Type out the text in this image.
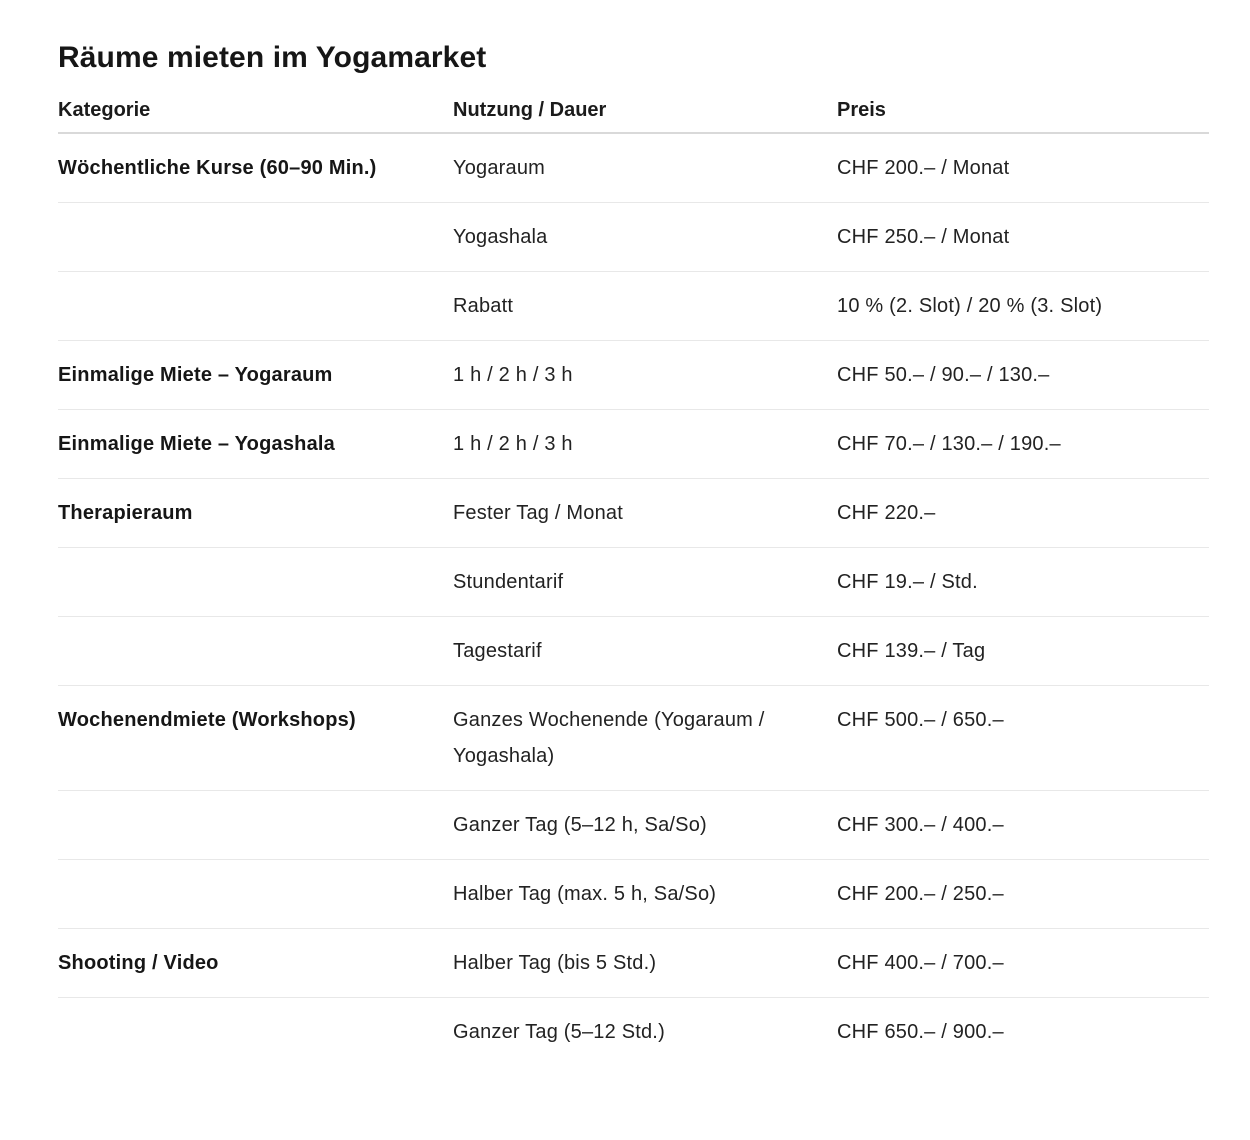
Räume mieten im Yogamarket
Kategorie	Nutzung / Dauer	Preis
Wöchentliche Kurse (60–90 Min.)	Yogaraum	CHF 200.– / Monat
	Yogashala	CHF 250.– / Monat
	Rabatt	10 % (2. Slot) / 20 % (3. Slot)
Einmalige Miete – Yogaraum	1 h / 2 h / 3 h	CHF 50.– / 90.– / 130.–
Einmalige Miete – Yogashala	1 h / 2 h / 3 h	CHF 70.– / 130.– / 190.–
Therapieraum	Fester Tag / Monat	CHF 220.–
	Stundentarif	CHF 19.– / Std.
	Tagestarif	CHF 139.– / Tag
Wochenendmiete (Workshops)	Ganzes Wochenende (Yogaraum / Yogashala)	CHF 500.– / 650.–
	Ganzer Tag (5–12 h, Sa/So)	CHF 300.– / 400.–
	Halber Tag (max. 5 h, Sa/So)	CHF 200.– / 250.–
Shooting / Video	Halber Tag (bis 5 Std.)	CHF 400.– / 700.–
	Ganzer Tag (5–12 Std.)	CHF 650.– / 900.–
